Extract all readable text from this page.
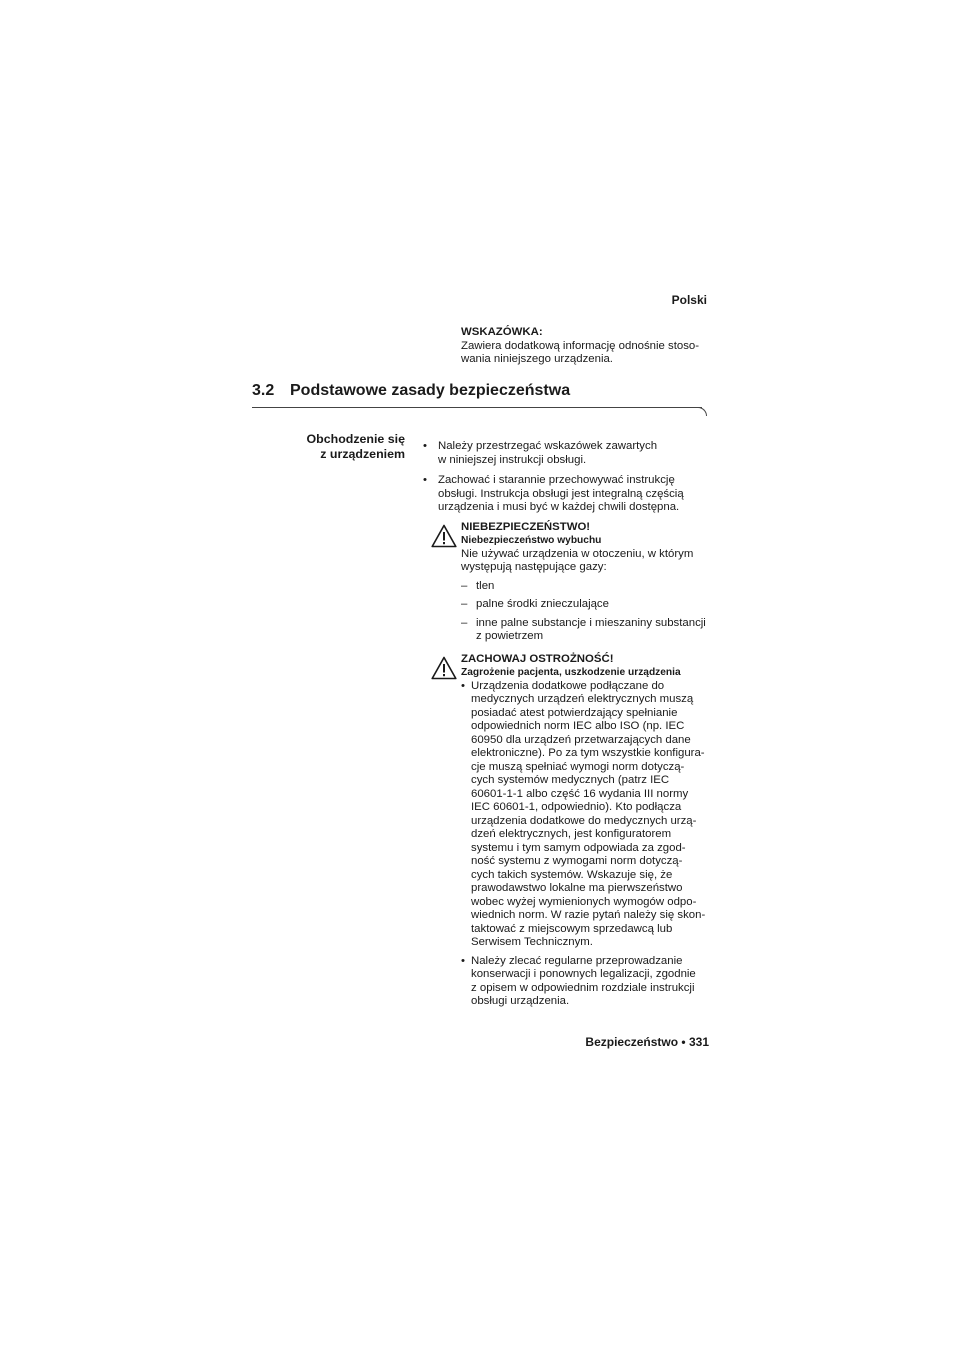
Polski
WSKAZÓWKA:
Zawiera dodatkową informację odnośnie stoso-
wania niniejszego urządzenia.
3.2 Podstawowe zasady bezpieczeństwa
Obchodzenie się
z urządzeniem
• Należy przestrzegać wskazówek zawartych
w niniejszej instrukcji obsługi.
• Zachować i starannie przechowywać instrukcję
obsługi. Instrukcja obsługi jest integralną częścią
urządzenia i musi być w każdej chwili dostępna.
NIEBEZPIECZEŃSTWO!
Niebezpieczeństwo wybuchu
Nie używać urządzenia w otoczeniu, w którym
występują następujące gazy:
– tlen
– palne środki znieczulające
– inne palne substancje i mieszaniny substancji
z powietrzem
ZACHOWAJ OSTROŻNOŚĆ!
Zagrożenie pacjenta, uszkodzenie urządzenia
• Urządzenia dodatkowe podłączane do
medycznych urządzeń elektrycznych muszą
posiadać atest potwierdzający spełnianie
odpowiednich norm IEC albo ISO (np. IEC
60950 dla urządzeń przetwarzających dane
elektroniczne). Po za tym wszystkie konfigura-
cje muszą spełniać wymogi norm dotyczą-
cych systemów medycznych (patrz IEC
60601-1-1 albo część 16 wydania III normy
IEC 60601-1, odpowiednio). Kto podłącza
urządzenia dodatkowe do medycznych urzą-
dzeń elektrycznych, jest konfiguratorem
systemu i tym samym odpowiada za zgod-
ność systemu z wymogami norm dotyczą-
cych takich systemów. Wskazuje się, że
prawodawstwo lokalne ma pierwszeństwo
wobec wyżej wymienionych wymogów odpo-
wiednich norm. W razie pytań należy się skon-
taktować z miejscowym sprzedawcą lub
Serwisem Technicznym.
• Należy zlecać regularne przeprowadzanie
konserwacji i ponownych legalizacji, zgodnie
z opisem w odpowiednim rozdziale instrukcji
obsługi urządzenia.
Bezpieczeństwo • 331
